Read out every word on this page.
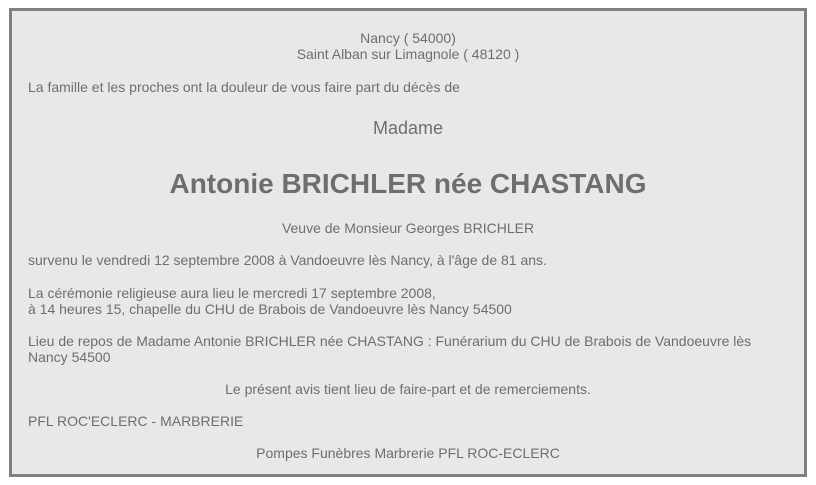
Nancy ( 54000)
Saint Alban sur Limagnole ( 48120 )
La famille et les proches ont la douleur de vous faire part du décès de
Madame
Antonie BRICHLER née CHASTANG
Veuve de Monsieur Georges BRICHLER
survenu le vendredi 12 septembre 2008 à Vandoeuvre lès Nancy, à l'âge de 81 ans.
La cérémonie religieuse aura lieu le mercredi 17 septembre 2008,
à 14 heures 15, chapelle du CHU de Brabois de Vandoeuvre lès Nancy 54500
Lieu de repos de Madame Antonie BRICHLER née CHASTANG : Funérarium du CHU de Brabois de Vandoeuvre lès
Nancy 54500
Le présent avis tient lieu de faire-part et de remerciements.
PFL ROC'ECLERC - MARBRERIE
Pompes Funèbres Marbrerie PFL ROC-ECLERC
